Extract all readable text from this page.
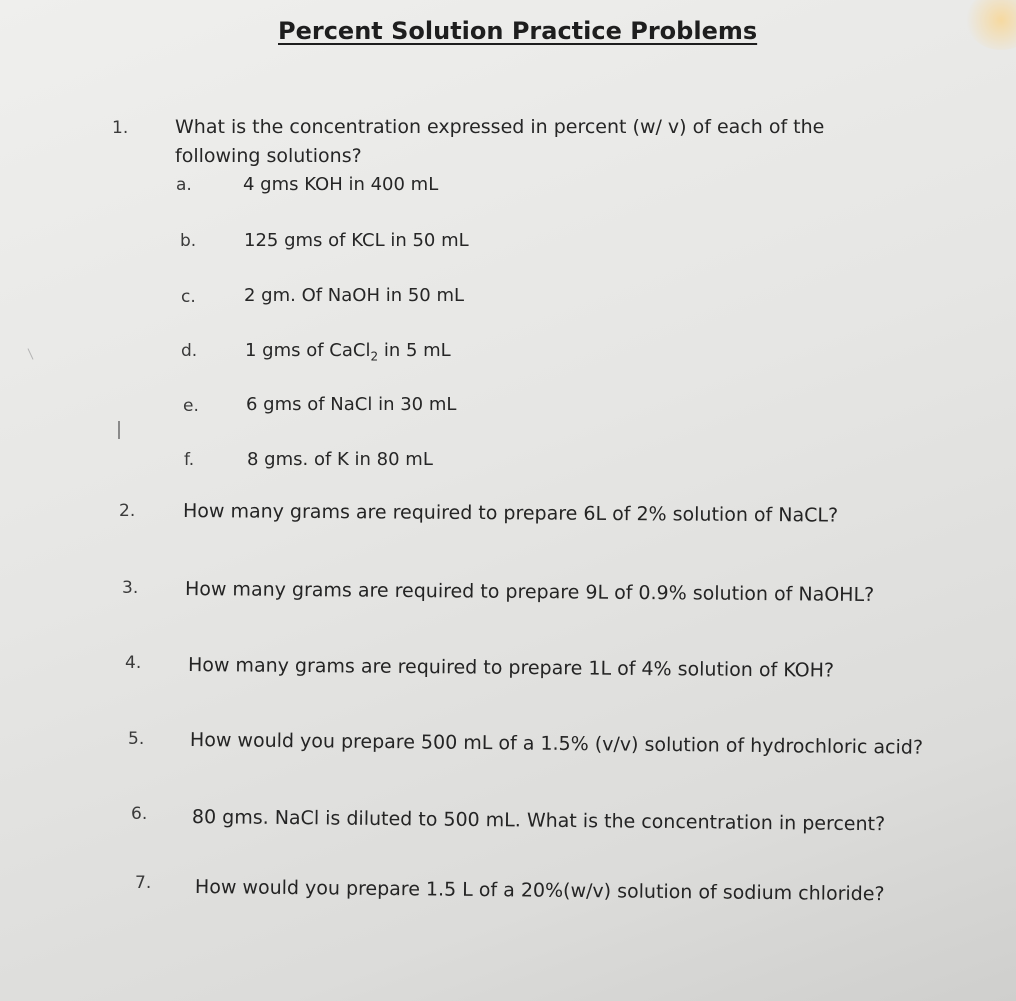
Percent Solution Practice Problems
1. What is the concentration expressed in percent (w/ v) of each of the
following solutions?
a.	4 gms KOH in 400 mL
b.	125 gms of KCL in 50 mL
c.	2 gm. Of NaOH in 50 mL
d.	1 gms of CaCl$_2$ in 5 mL
e.	6 gms of NaCl in 30 mL
f.	8 gms. of K in 80 mL
2.	How many grams are required to prepare 6L of 2% solution of NaCL?
3. How many grams are required to prepare 9L of 0.9% solution of NaOHL?
4. How many grams are required to prepare 1L of 4% solution of KOH?
5. How would you prepare 500 mL of a 1.5% (v/v) solution of hydrochloric acid?
6. 80 gms. NaCl is diluted to 500 mL. What is the concentration in percent?
7. How would you prepare 1.5 L of a 20%(w/v) solution of sodium chloride?
